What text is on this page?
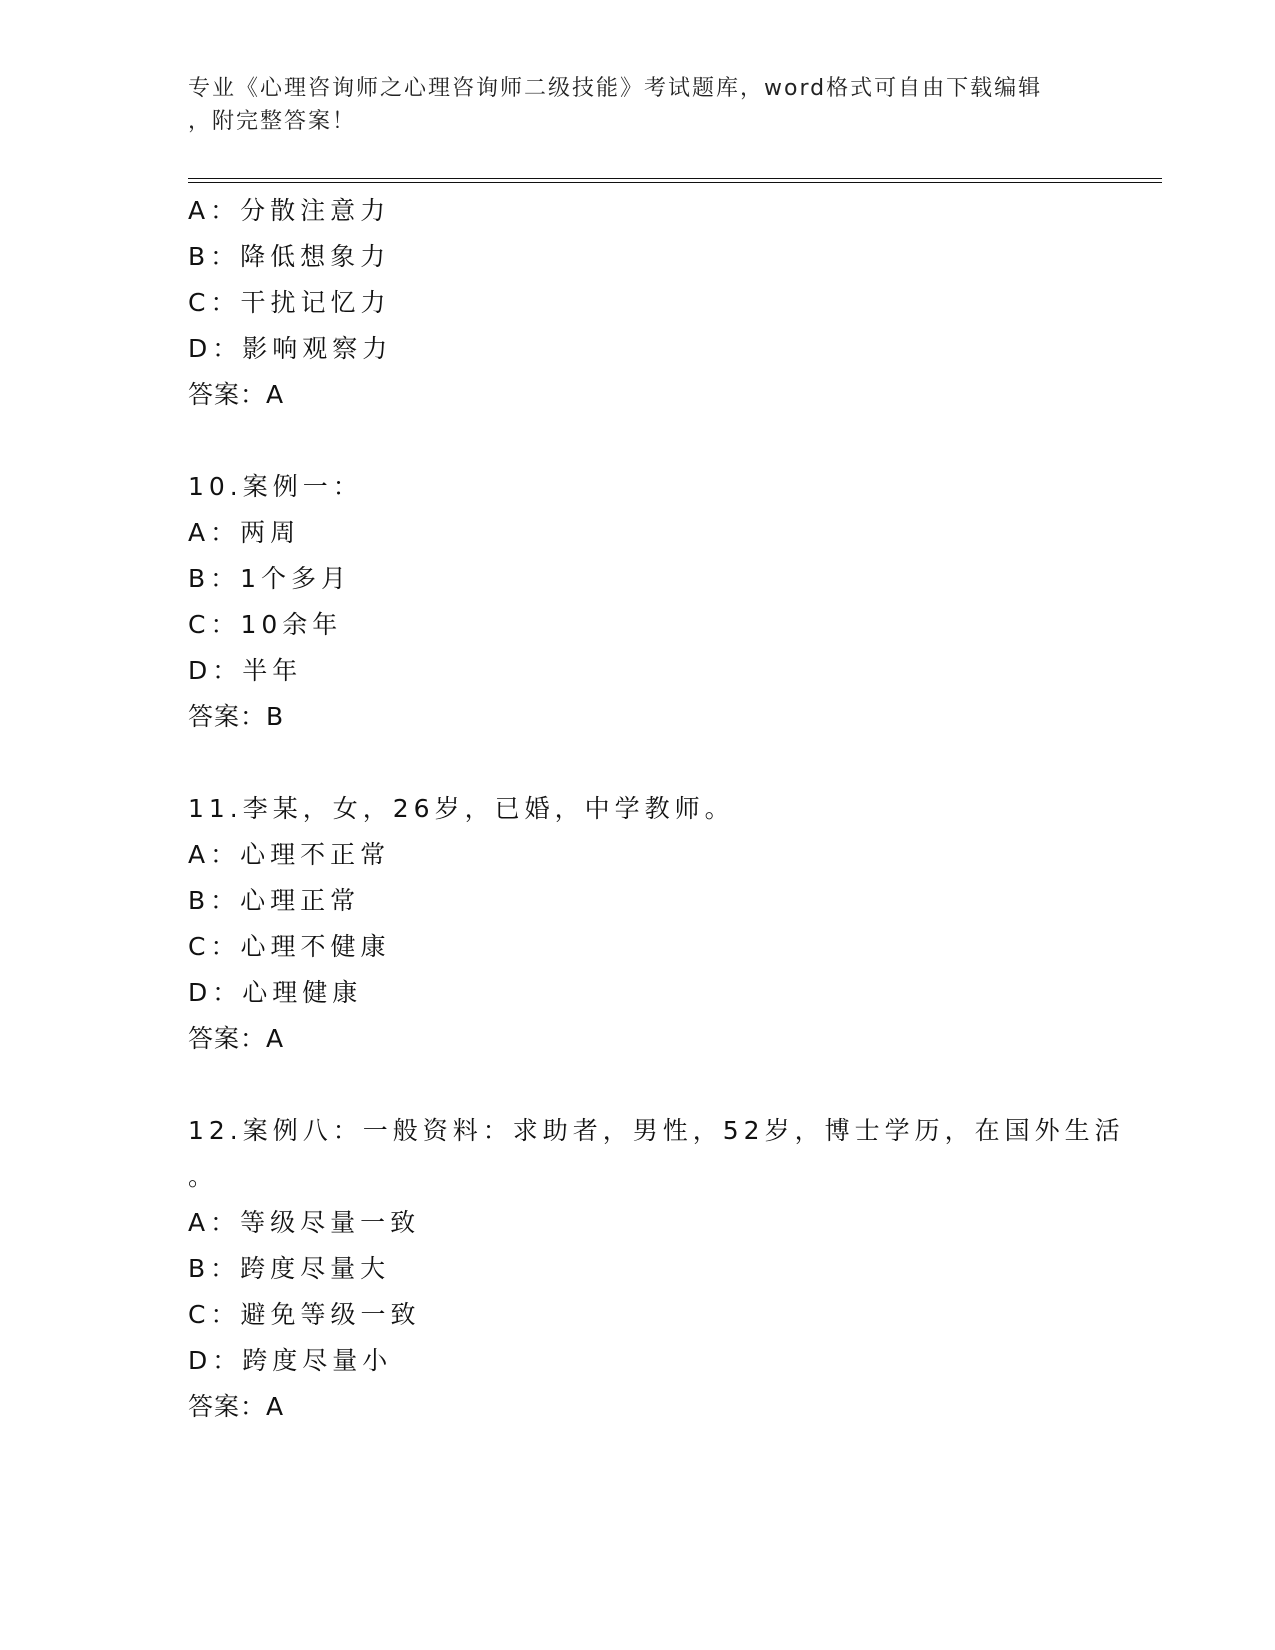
专业《心理咨询师之心理咨询师二级技能》考试题库，word格式可自由下载编辑
，附完整答案！
A：分散注意力
B：降低想象力
C：干扰记忆力
D：影响观察力
答案：A
10.案例一：
A：两周
B：1个多月
C：10余年
D：半年
答案：B
11.李某，女，26岁，已婚，中学教师。
A：心理不正常
B：心理正常
C：心理不健康
D：心理健康
答案：A
12.案例八：一般资料：求助者，男性，52岁，博士学历，在国外生活
。
A：等级尽量一致
B：跨度尽量大
C：避免等级一致
D：跨度尽量小
答案：A
